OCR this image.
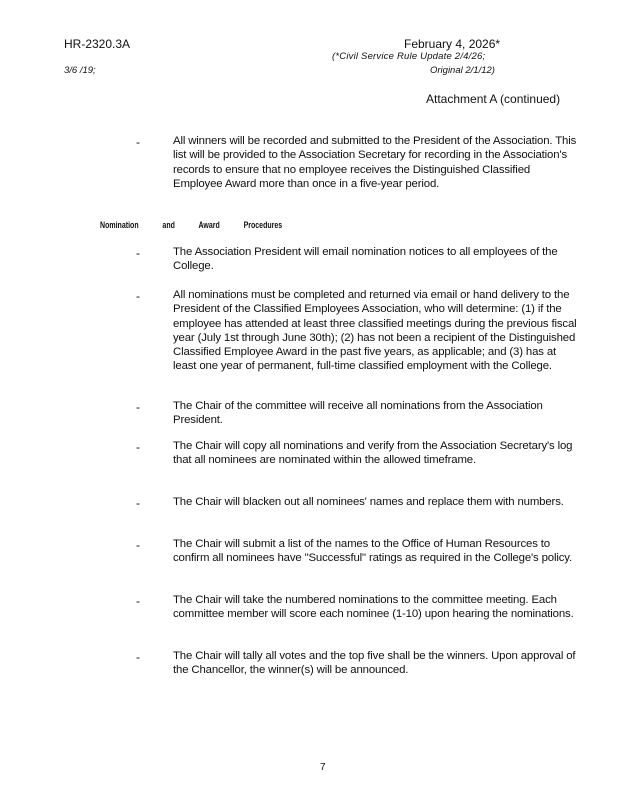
HR-2320.3A	February 4, 2026*
(*Civil Service Rule Update 2/4/26;
3/6 /19;	Original 2/1/12)
Attachment A (continued)
-	All winners will be recorded and submitted to the President of the Association. This list will be provided to the Association Secretary for recording in the Association's records to ensure that no employee receives the Distinguished Classified Employee Award more than once in a five-year period.
Nomination	and	Award	Procedures
-	The Association President will email nomination notices to all employees of the College.
-	All nominations must be completed and returned via email or hand delivery to the President of the Classified Employees Association, who will determine: (1) if the employee has attended at least three classified meetings during the previous fiscal year (July 1st through June 30th); (2) has not been a recipient of the Distinguished Classified Employee Award in the past five years, as applicable; and (3) has at least one year of permanent, full-time classified employment with the College.
-	The Chair of the committee will receive all nominations from the Association President.
-	The Chair will copy all nominations and verify from the Association Secretary's log that all nominees are nominated within the allowed timeframe.
-	The Chair will blacken out all nominees' names and replace them with numbers.
-	The Chair will submit a list of the names to the Office of Human Resources to confirm all nominees have "Successful" ratings as required in the College's policy.
-	The Chair will take the numbered nominations to the committee meeting. Each committee member will score each nominee (1-10) upon hearing the nominations.
-	The Chair will tally all votes and the top five shall be the winners. Upon approval of the Chancellor, the winner(s) will be announced.
7
